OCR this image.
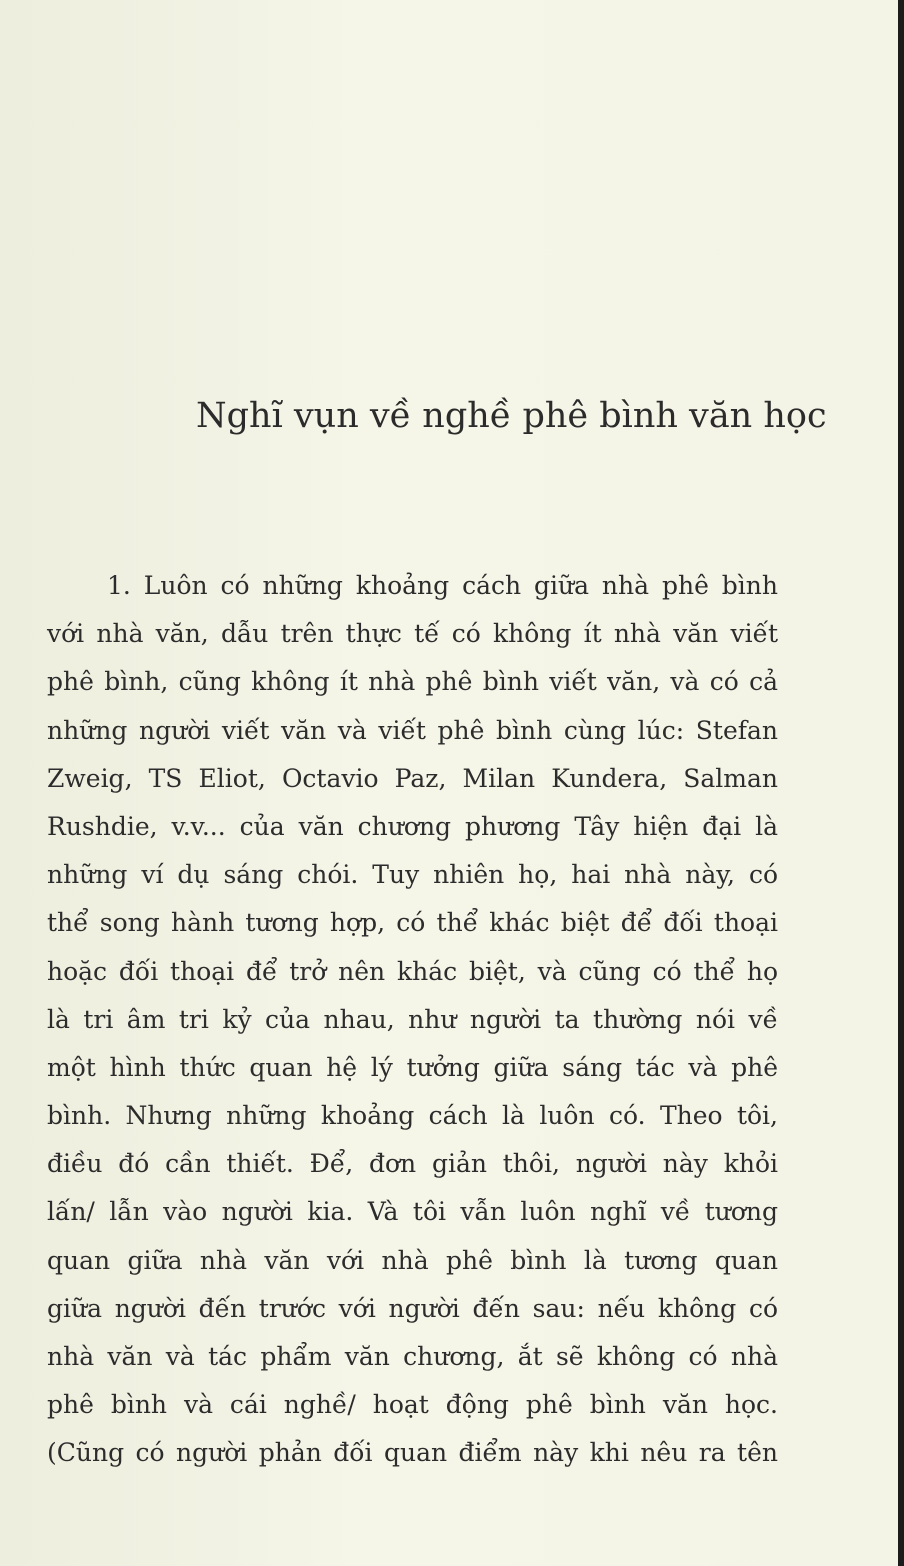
Nghĩ vụn về nghề phê bình văn học
1. Luôn có những khoảng cách giữa nhà phê bình
với nhà văn, dẫu trên thực tế có không ít nhà văn viết
phê bình, cũng không ít nhà phê bình viết văn, và có cả
những người viết văn và viết phê bình cùng lúc: Stefan
Zweig, TS Eliot, Octavio Paz, Milan Kundera, Salman
Rushdie, v.v... của văn chương phương Tây hiện đại là
những ví dụ sáng chói. Tuy nhiên họ, hai nhà này, có
thể song hành tương hợp, có thể khác biệt để đối thoại
hoặc đối thoại để trở nên khác biệt, và cũng có thể họ
là tri âm tri kỷ của nhau, như người ta thường nói về
một hình thức quan hệ lý tưởng giữa sáng tác và phê
bình. Nhưng những khoảng cách là luôn có. Theo tôi,
điều đó cần thiết. Để, đơn giản thôi, người này khỏi
lấn/ lẫn vào người kia. Và tôi vẫn luôn nghĩ về tương
quan giữa nhà văn với nhà phê bình là tương quan
giữa người đến trước với người đến sau: nếu không có
nhà văn và tác phẩm văn chương, ắt sẽ không có nhà
phê bình và cái nghề/ hoạt động phê bình văn học.
(Cũng có người phản đối quan điểm này khi nêu ra tên
